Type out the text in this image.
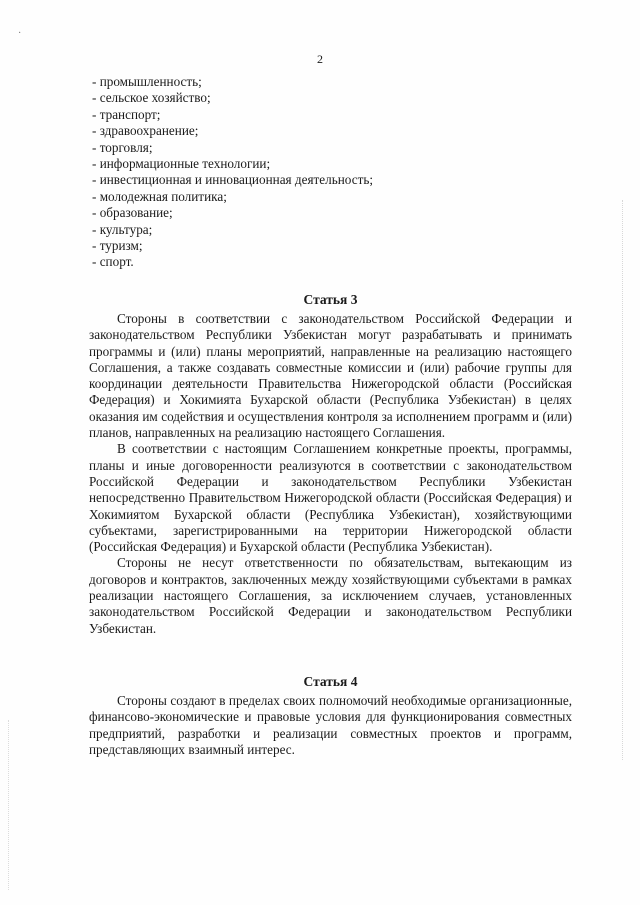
·
2
- промышленность;
- сельское хозяйство;
- транспорт;
- здравоохранение;
- торговля;
- информационные технологии;
- инвестиционная и инновационная деятельность;
- молодежная политика;
- образование;
- культура;
- туризм;
- спорт.
Статья 3

Стороны в соответствии с законодательством Российской Федерации и законодательством Республики Узбекистан могут разрабатывать и принимать программы и (или) планы мероприятий, направленные на реализацию настоящего Соглашения, а также создавать совместные комиссии и (или) рабочие группы для координации деятельности Правительства Нижегородской области (Российская Федерация) и Хокимията Бухарской области (Республика Узбекистан) в целях оказания им содействия и осуществления контроля за исполнением программ и (или) планов, направленных на реализацию настоящего Соглашения.

В соответствии с настоящим Соглашением конкретные проекты, программы, планы и иные договоренности реализуются в соответствии с законодательством Российской Федерации и законодательством Республики Узбекистан непосредственно Правительством Нижегородской области (Российская Федерация) и Хокимиятом Бухарской области (Республика Узбекистан), хозяйствующими субъектами, зарегистрированными на территории Нижегородской области (Российская Федерация) и Бухарской области (Республика Узбекистан).

Стороны не несут ответственности по обязательствам, вытекающим из договоров и контрактов, заключенных между хозяйствующими субъектами в рамках реализации настоящего Соглашения, за исключением случаев, установленных законодательством Российской Федерации и законодательством Республики Узбекистан.

Статья 4

Стороны создают в пределах своих полномочий необходимые организационные, финансово-экономические и правовые условия для функционирования совместных предприятий, разработки и реализации совместных проектов и программ, представляющих взаимный интерес.
